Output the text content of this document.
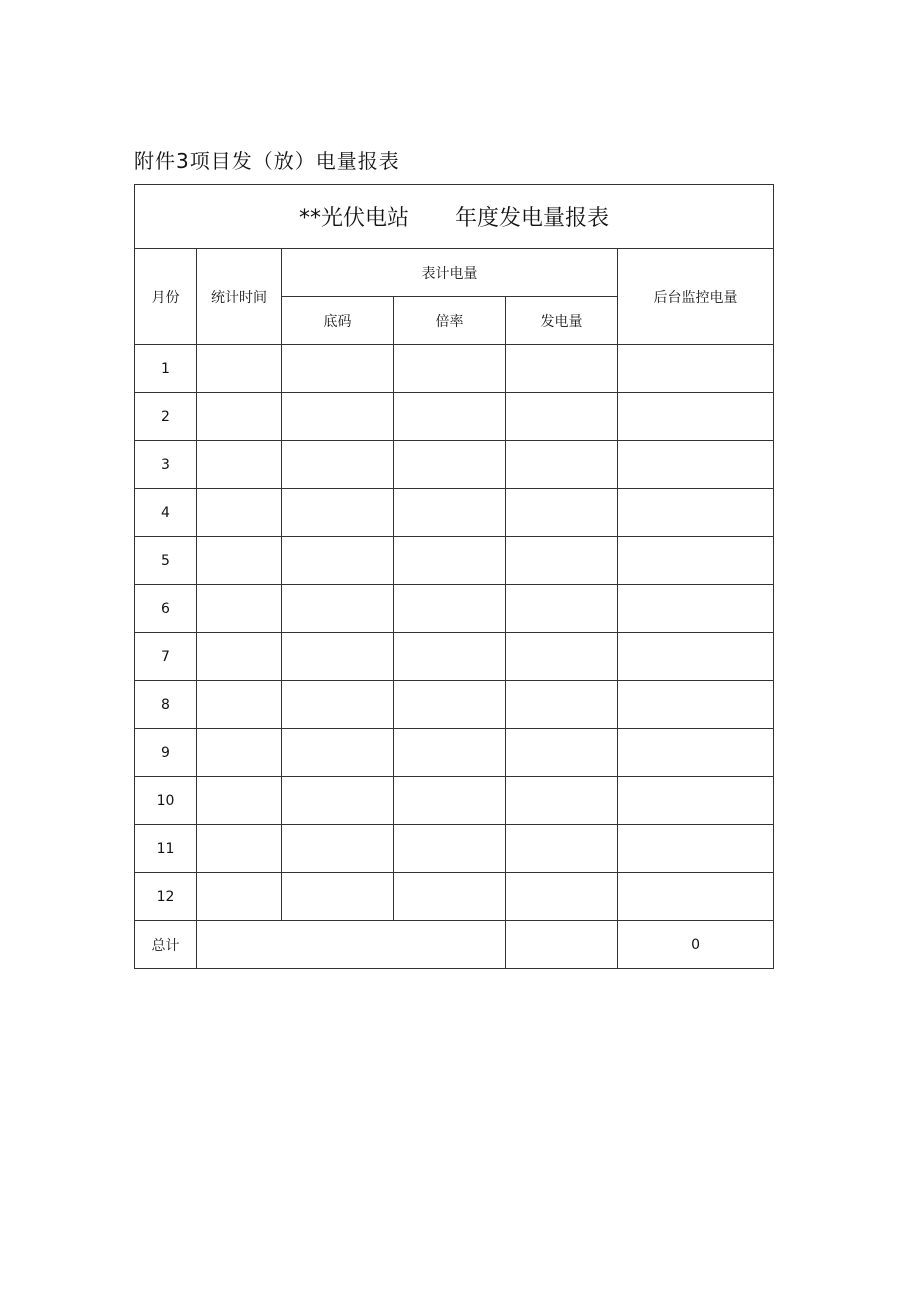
附件3项目发（放）电量报表
**光伏电站 年度发电量报表					
月份	统计时间	表计电量			后台监控电量
		底码	倍率	发电量	
1					
2					
3					
4					
5					
6					
7					
8					
9					
10					
11					
12					
总计					0
